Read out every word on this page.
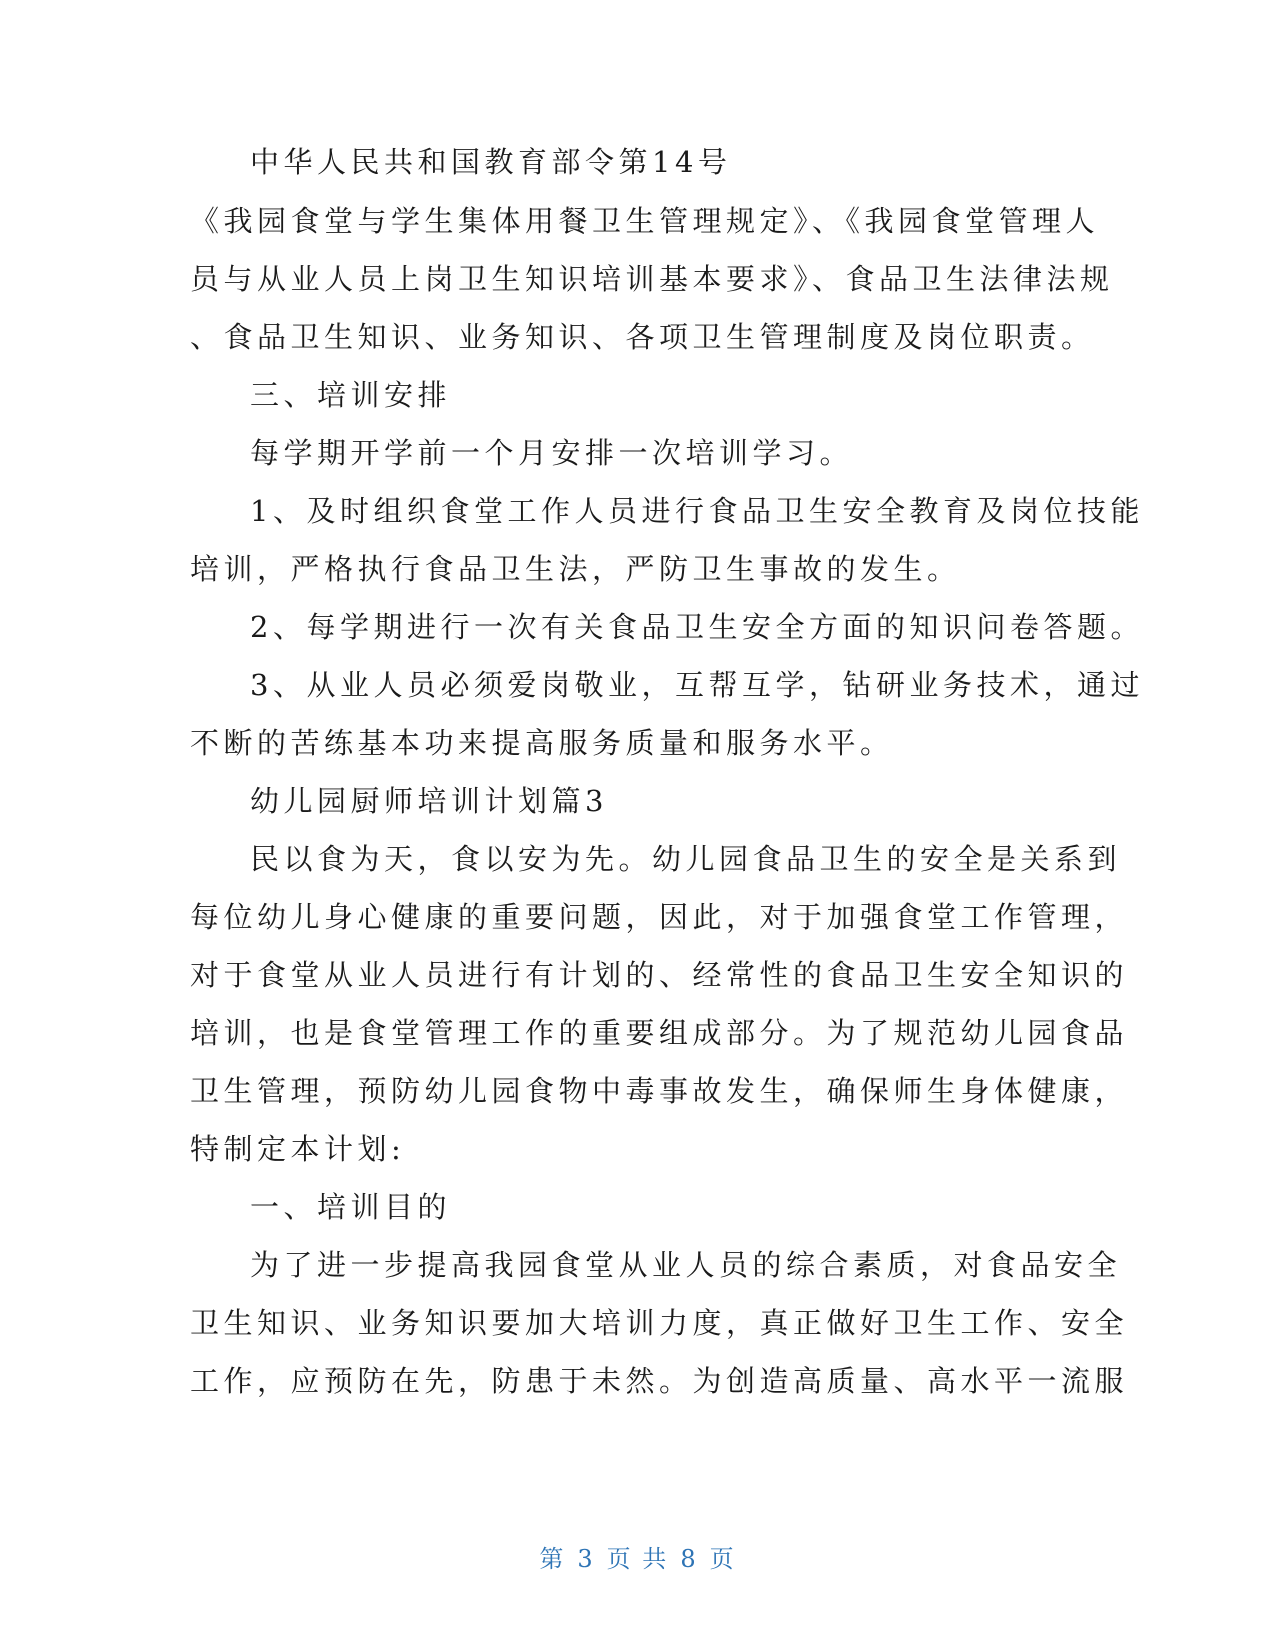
中华人民共和国教育部令第14号
《我园食堂与学生集体用餐卫生管理规定》、《我园食堂管理人
员与从业人员上岗卫生知识培训基本要求》、食品卫生法律法规
、食品卫生知识、业务知识、各项卫生管理制度及岗位职责。
三、培训安排
每学期开学前一个月安排一次培训学习。
1、及时组织食堂工作人员进行食品卫生安全教育及岗位技能
培训，严格执行食品卫生法，严防卫生事故的发生。
2、每学期进行一次有关食品卫生安全方面的知识问卷答题。
3、从业人员必须爱岗敬业，互帮互学，钻研业务技术，通过
不断的苦练基本功来提高服务质量和服务水平。
幼儿园厨师培训计划篇3
民以食为天，食以安为先。幼儿园食品卫生的安全是关系到
每位幼儿身心健康的重要问题，因此，对于加强食堂工作管理，
对于食堂从业人员进行有计划的、经常性的食品卫生安全知识的
培训，也是食堂管理工作的重要组成部分。为了规范幼儿园食品
卫生管理，预防幼儿园食物中毒事故发生，确保师生身体健康，
特制定本计划:
一、培训目的
为了进一步提高我园食堂从业人员的综合素质，对食品安全
卫生知识、业务知识要加大培训力度，真正做好卫生工作、安全
工作，应预防在先，防患于未然。为创造高质量、高水平一流服
第 3 页 共 8 页
